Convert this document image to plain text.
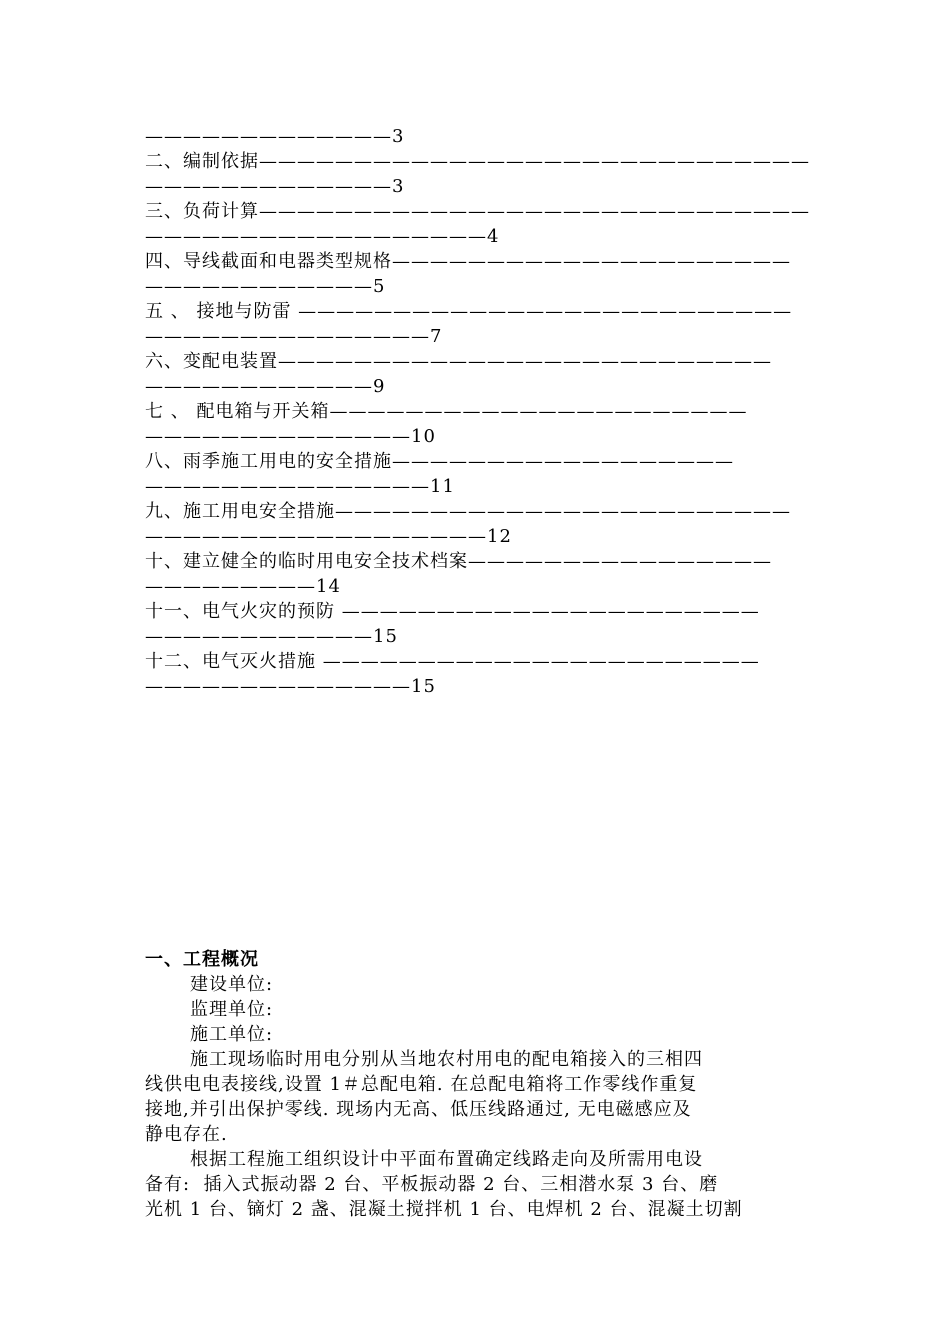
—————————————3
二、编制依据—————————————————————————————
—————————————3
三、负荷计算—————————————————————————————
——————————————————4
四、导线截面和电器类型规格—————————————————————
————————————5
五 、 接地与防雷 ——————————————————————————
———————————————7
六、变配电装置——————————————————————————
————————————9
七 、 配电箱与开关箱——————————————————————
——————————————10
八、雨季施工用电的安全措施——————————————————
———————————————11
九、施工用电安全措施————————————————————————
——————————————————12
十、建立健全的临时用电安全技术档案————————————————
—————————14
十一、电气火灾的预防 ——————————————————————
————————————15
十二、电气灭火措施 ———————————————————————
——————————————15
一、工程概况
建设单位:
监理单位:
施工单位:
施工现场临时用电分别从当地农村用电的配电箱接入的三相四
线供电电表接线,设置 1＃总配电箱. 在总配电箱将工作零线作重复
接地,并引出保护零线. 现场内无高、低压线路通过, 无电磁感应及
静电存在.
根据工程施工组织设计中平面布置确定线路走向及所需用电设
备有:  插入式振动器 2 台、平板振动器 2 台、三相潜水泵 3 台、磨
光机 1 台、镝灯 2 盏、混凝土搅拌机 1 台、电焊机 2 台、混凝土切割
